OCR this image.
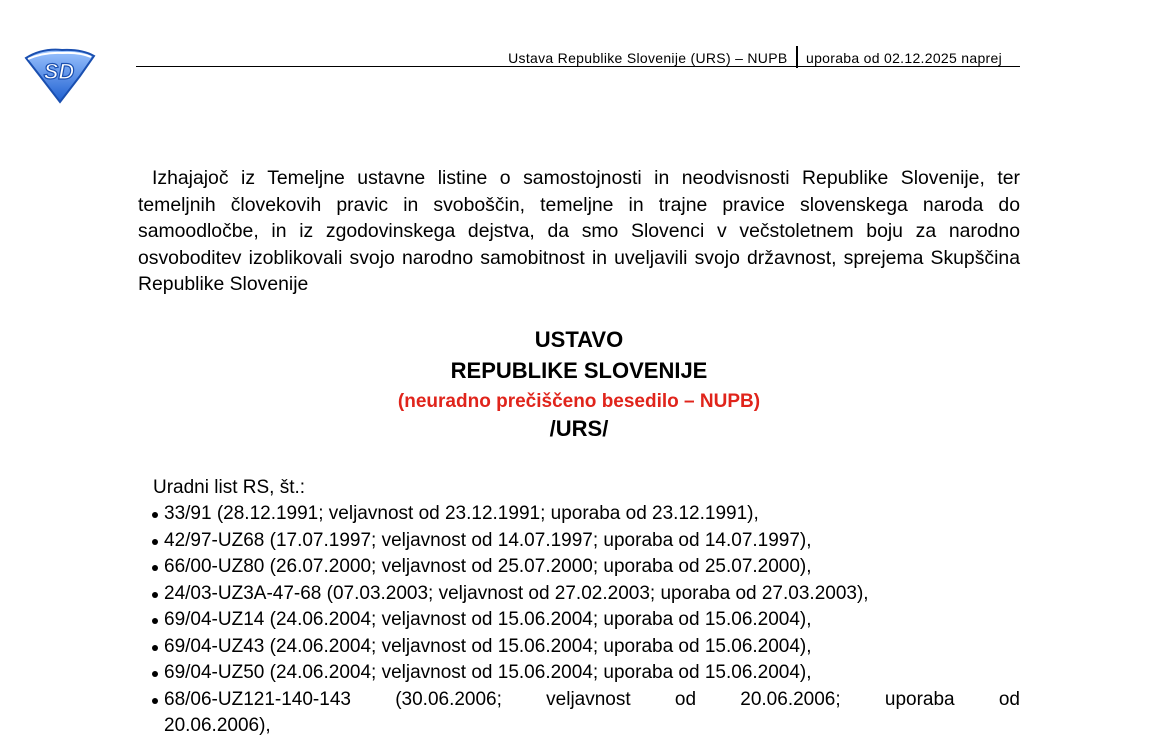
SD
Ustava Republike Slovenije (URS) – NUPB uporaba od 02.12.2025 naprej

Izhajajoč iz Temeljne ustavne listine o samostojnosti in neodvisnosti Republike Slovenije, ter temeljnih človekovih pravic in svoboščin, temeljne in trajne pravice slovenskega naroda do samoodločbe, in iz zgodovinskega dejstva, da smo Slovenci v večstoletnem boju za narodno osvoboditev izoblikovali svojo narodno samobitnost in uveljavili svojo državnost, sprejema Skupščina Republike Slovenije

USTAVO

REPUBLIKE SLOVENIJE

(neuradno prečiščeno besedilo – NUPB)

/URS/

Uradni list RS, št.:

33/91 (28.12.1991; veljavnost od 23.12.1991; uporaba od 23.12.1991),
42/97-UZ68 (17.07.1997; veljavnost od 14.07.1997; uporaba od 14.07.1997),
66/00-UZ80 (26.07.2000; veljavnost od 25.07.2000; uporaba od 25.07.2000),
24/03-UZ3A-47-68 (07.03.2003; veljavnost od 27.02.2003; uporaba od 27.03.2003),
69/04-UZ14 (24.06.2004; veljavnost od 15.06.2004; uporaba od 15.06.2004),
69/04-UZ43 (24.06.2004; veljavnost od 15.06.2004; uporaba od 15.06.2004),
69/04-UZ50 (24.06.2004; veljavnost od 15.06.2004; uporaba od 15.06.2004),
68/06-UZ121-140-143 (30.06.2006; veljavnost od 20.06.2006; uporaba od
20.06.2006),
